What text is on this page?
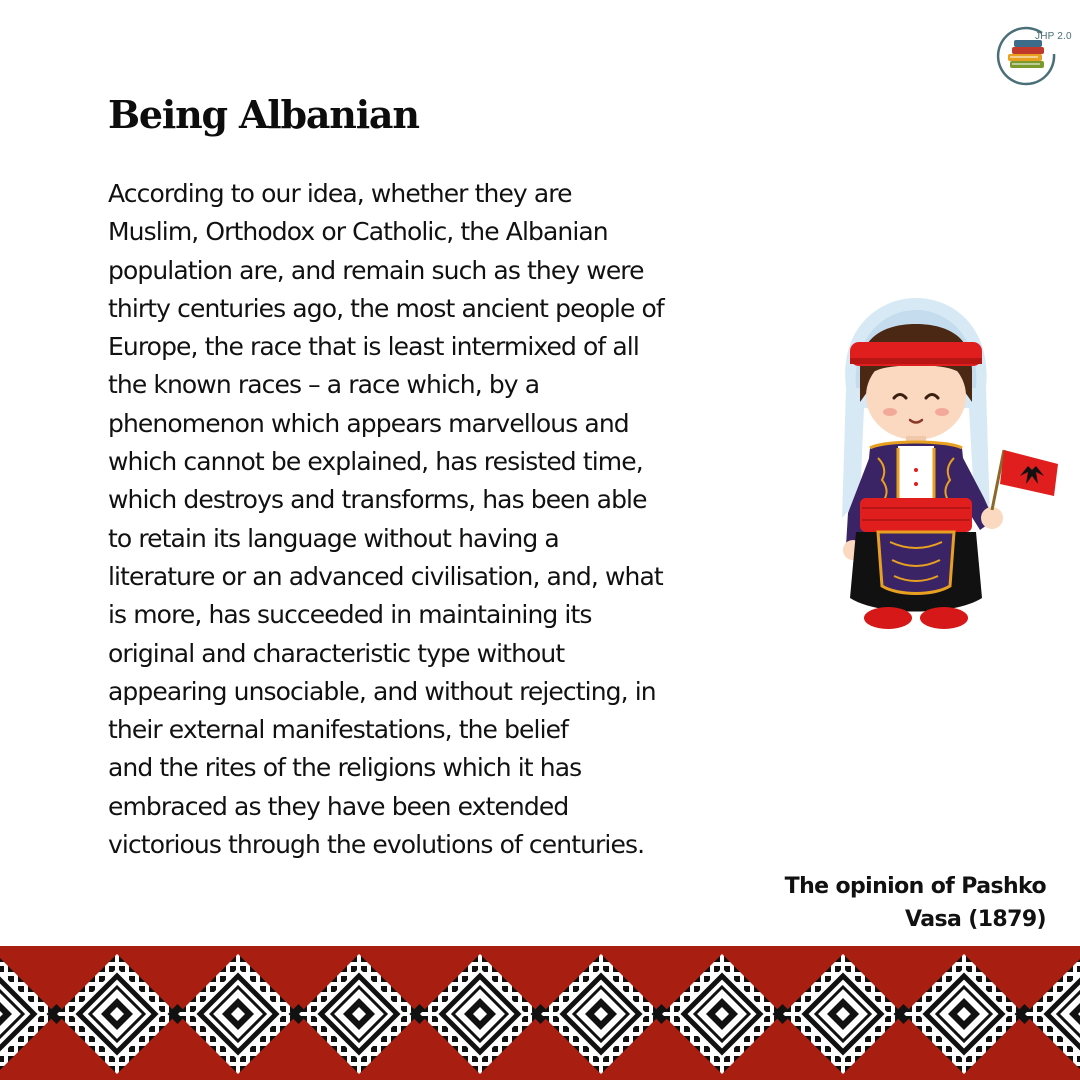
JHP 2.0
Being Albanian
According to our idea, whether they are
Muslim, Orthodox or Catholic, the Albanian
population are, and remain such as they were
thirty centuries ago, the most ancient people of
Europe, the race that is least intermixed of all
the known races – a race which, by a
phenomenon which appears marvellous and
which cannot be explained, has resisted time,
which destroys and transforms, has been able
to retain its language without having a
literature or an advanced civilisation, and, what
is more, has succeeded in maintaining its
original and characteristic type without
appearing unsociable, and without rejecting, in
their external manifestations, the belief
and the rites of the religions which it has
embraced as they have been extended
victorious through the evolutions of centuries.
The opinion of Pashko
Vasa (1879)
